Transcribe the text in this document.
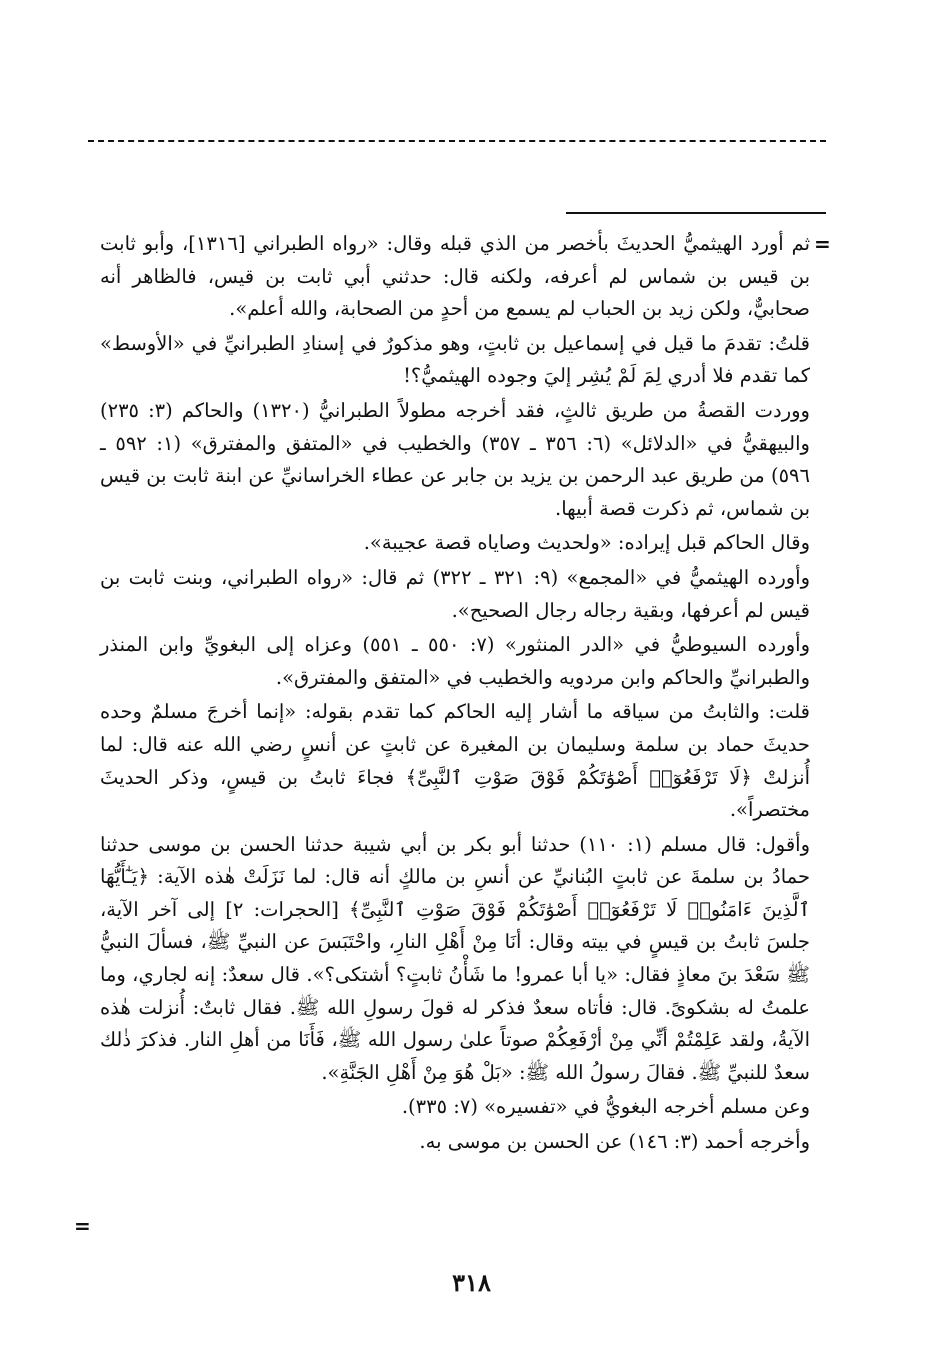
=
=

ثم أورد الهيثميُّ الحديثَ بأخصر من الذي قبله وقال: «رواه الطبراني [١٣١٦]، وأبو ثابت بن قيس بن شماس لم أعرفه، ولكنه قال: حدثني أبي ثابت بن قيس، فالظاهر أنه صحابيٌّ، ولكن زيد بن الحباب لم يسمع من أحدٍ من الصحابة، والله أعلم».

قلتُ: تقدمَ ما قيل في إسماعيل بن ثابتٍ، وهو مذكورٌ في إسنادِ الطبرانيِّ في «الأوسط» كما تقدم فلا أدري لِمَ لَمْ يُشِر إليَ وجوده الهيثميُّ؟!

ووردت القصةُ من طريق ثالثٍ، فقد أخرجه مطولاً الطبرانيُّ (١٣٢٠) والحاكم (٣: ٢٣٥) والبيهقيُّ في «الدلائل» (٦: ٣٥٦ ـ ٣٥٧) والخطيب في «المتفق والمفترق» (١: ٥٩٢ ـ ٥٩٦) من طريق عبد الرحمن بن يزيد بن جابر عن عطاء الخراسانيِّ عن ابنة ثابت بن قيس بن شماس، ثم ذكرت قصة أبيها.

وقال الحاكم قبل إيراده: «ولحديث وصاياه قصة عجيبة».

وأورده الهيثميُّ في «المجمع» (٩: ٣٢١ ـ ٣٢٢) ثم قال: «رواه الطبراني، وبنت ثابت بن قيس لم أعرفها، وبقية رجاله رجال الصحيح».

وأورده السيوطيُّ في «الدر المنثور» (٧: ٥٥٠ ـ ٥٥١) وعزاه إلى البغويِّ وابن المنذر والطبرانيِّ والحاكم وابن مردويه والخطيب في «المتفق والمفترق».

قلت: والثابتُ من سياقه ما أشار إليه الحاكم كما تقدم بقوله: «إنما أخرجَ مسلمٌ وحده حديثَ حماد بن سلمة وسليمان بن المغيرة عن ثابتٍ عن أنسٍ رضي الله عنه قال: لما أُنزلتْ ﴿لَا تَرْفَعُوٓا۟ أَصْوَٰتَكُمْ فَوْقَ صَوْتِ ٱلنَّبِىِّ﴾ فجاءَ ثابتُ بن قيسٍ، وذكر الحديثَ مختصراً».

وأقول: قال مسلم (١: ١١٠) حدثنا أبو بكر بن أبي شيبة حدثنا الحسن بن موسى حدثنا حمادُ بن سلمةَ عن ثابتٍ البُنانيِّ عن أنسِ بن مالكٍ أنه قال: لما نَزَلَتْ هٰذه الآية: ﴿يَـٰٓأَيُّهَا ٱلَّذِينَ ءَامَنُوا۟ لَا تَرْفَعُوٓا۟ أَصْوَٰتَكُمْ فَوْقَ صَوْتِ ٱلنَّبِىِّ﴾ [الحجرات: ٢] إلى آخر الآية، جلسَ ثابتُ بن قيسٍ في بيته وقال: أنَا مِنْ أَهْلِ النارِ، واحْتَبَسَ عن النبيِّ ﷺ، فسألَ النبيُّ ﷺ سَعْدَ بنَ معاذٍ فقال: «يا أبا عمرو! ما شَأْنُ ثابتٍ؟ أشتكى؟». قال سعدٌ: إنه لجاري، وما علمتُ له بشكوىً. قال: فأتاه سعدٌ فذكر له قولَ رسولِ الله ﷺ. فقال ثابتٌ: أُنزلت هٰذه الآيةُ، ولقد عَلِمْتُمْ أنِّي مِنْ أرْفَعِكُمْ صوتاً علىٰ رسول الله ﷺ، فَأَنَا من أهلِ النار. فذكرَ ذٰلك سعدٌ للنبيِّ ﷺ. فقالَ رسولُ الله ﷺ: «بَلْ هُوَ مِنْ أَهْلِ الجَنَّةِ».

وعن مسلم أخرجه البغويُّ في «تفسيره» (٧: ٣٣٥).

وأخرجه أحمد (٣: ١٤٦) عن الحسن بن موسى به.

٣١٨
